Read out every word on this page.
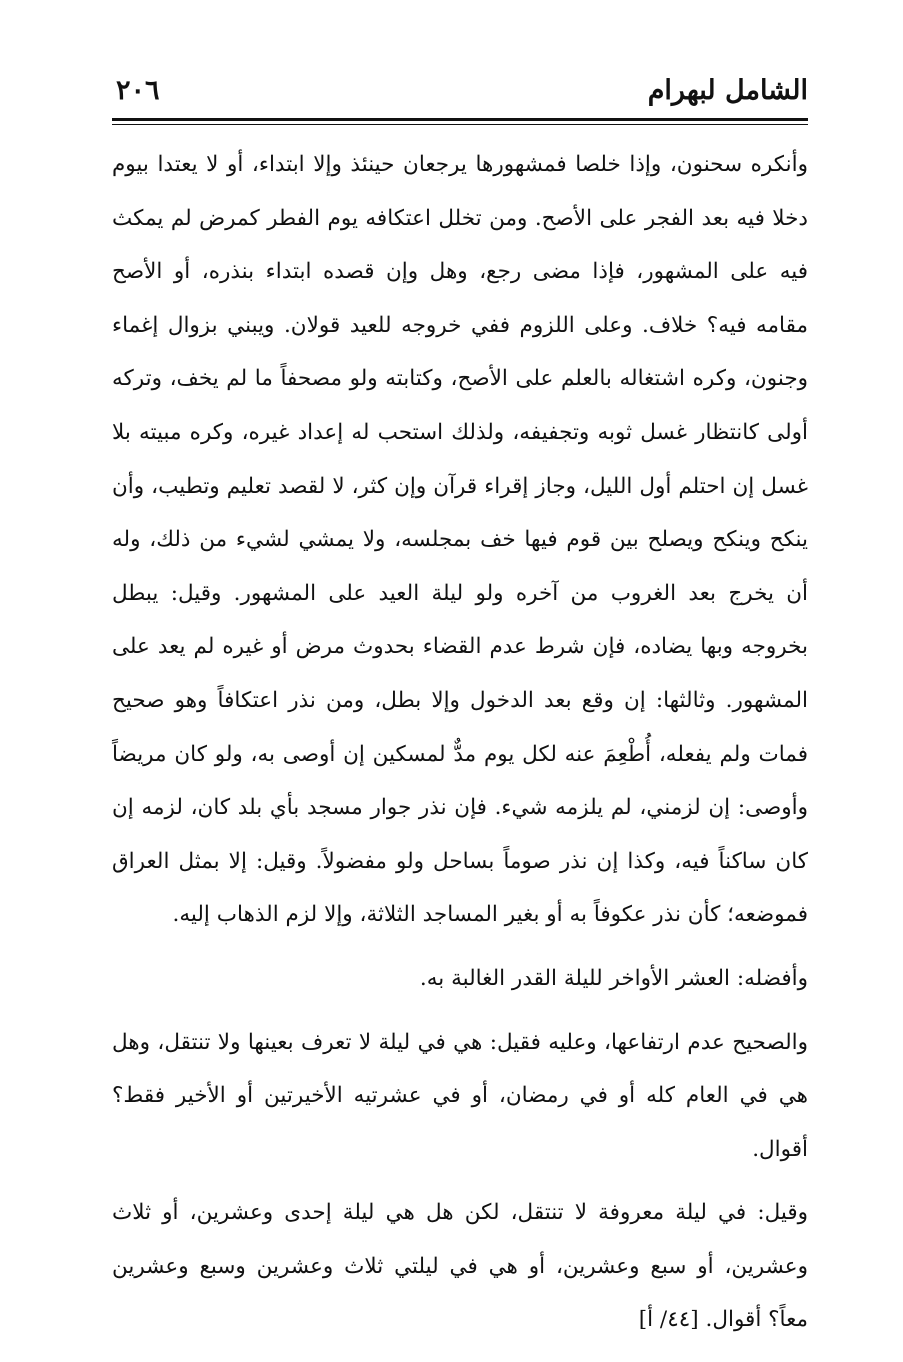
الشامل لبهرام
٢٠٦

وأنكره سحنون، وإذا خلصا فمشهورها يرجعان حينئذ وإلا ابتداء، أو لا يعتدا بيوم دخلا فيه بعد الفجر على الأصح. ومن تخلل اعتكافه يوم الفطر كمرض لم يمكث فيه على المشهور، فإذا مضى رجع، وهل وإن قصده ابتداء بنذره، أو الأصح مقامه فيه؟ خلاف. وعلى اللزوم ففي خروجه للعيد قولان. ويبني بزوال إغماء وجنون، وكره اشتغاله بالعلم على الأصح، وكتابته ولو مصحفاً ما لم يخف، وتركه أولى كانتظار غسل ثوبه وتجفيفه، ولذلك استحب له إعداد غيره، وكره مبيته بلا غسل إن احتلم أول الليل، وجاز إقراء قرآن وإن كثر، لا لقصد تعليم وتطيب، وأن ينكح وينكح ويصلح بين قوم فيها خف بمجلسه، ولا يمشي لشيء من ذلك، وله أن يخرج بعد الغروب من آخره ولو ليلة العيد على المشهور. وقيل: يبطل بخروجه وبها يضاده، فإن شرط عدم القضاء بحدوث مرض أو غيره لم يعد على المشهور. وثالثها: إن وقع بعد الدخول وإلا بطل، ومن نذر اعتكافاً وهو صحيح فمات ولم يفعله، أُطْعِمَ عنه لكل يوم مدٌّ لمسكين إن أوصى به، ولو كان مريضاً وأوصى: إن لزمني، لم يلزمه شيء. فإن نذر جوار مسجد بأي بلد كان، لزمه إن كان ساكناً فيه، وكذا إن نذر صوماً بساحل ولو مفضولاً. وقيل: إلا بمثل العراق فموضعه؛ كأن نذر عكوفاً به أو بغير المساجد الثلاثة، وإلا لزم الذهاب إليه.

وأفضله: العشر الأواخر لليلة القدر الغالبة به.

والصحيح عدم ارتفاعها، وعليه فقيل: هي في ليلة لا تعرف بعينها ولا تنتقل، وهل هي في العام كله أو في رمضان، أو في عشرتيه الأخيرتين أو الأخير فقط؟ أقوال.

وقيل: في ليلة معروفة لا تنتقل، لكن هل هي ليلة إحدى وعشرين، أو ثلاث وعشرين، أو سبع وعشرين، أو هي في ليلتي ثلاث وعشرين وسبع وعشرين معاً؟ أقوال. [٤٤/ أ]
